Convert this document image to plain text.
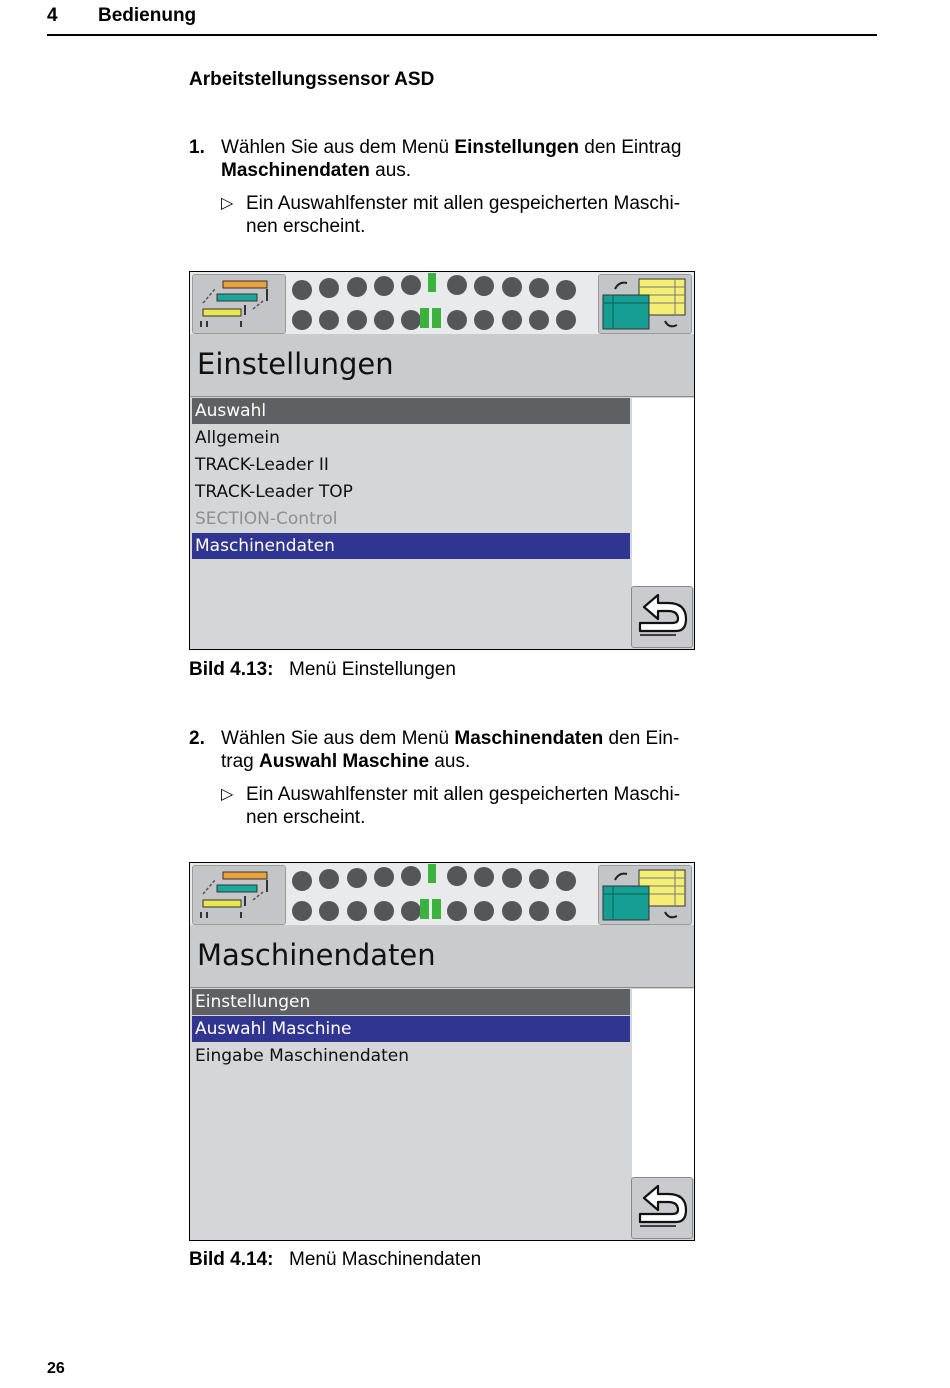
4 Bedienung
Arbeitstellungssensor ASD
1. Wählen Sie aus dem Menü Einstellungen den Eintrag Maschinendaten aus.
▷ Ein Auswahlfenster mit allen gespeicherten Maschi-nen erscheint.
Einstellungen
Auswahl
Allgemein
TRACK-Leader II
TRACK-Leader TOP
SECTION-Control
Maschinendaten
Bild 4.13: Menü Einstellungen
2. Wählen Sie aus dem Menü Maschinendaten den Ein-trag Auswahl Maschine aus.
▷ Ein Auswahlfenster mit allen gespeicherten Maschi-nen erscheint.
Maschinendaten
Einstellungen
Auswahl Maschine
Eingabe Maschinendaten
Bild 4.14: Menü Maschinendaten
26
